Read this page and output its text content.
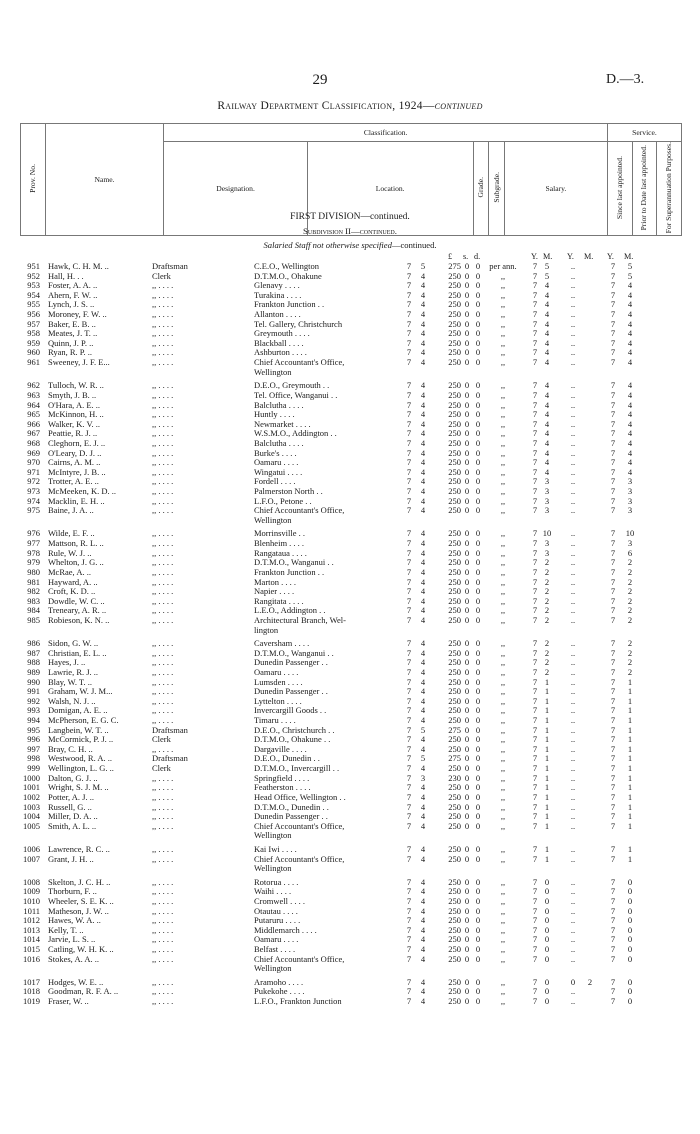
29	D.—3.
Railway Department Classification, 1924—continued
Prov. No.	Name.	Classification.					Service.		
		Designation.	Location.	Grade.	Subgrade.	Salary.	Since last appointed.	Prior to Date last appointed.	For Superannuation Purposes.
FIRST DIVISION—continued.
Subdivision II—continued.
Salaried Staff not otherwise specified—continued.
£ s. d.	Y. M. Y. M. Y. M.
951 Hawk, C. H. M. ..	Draftsman	C.E.O., Wellington	7	5	275 0 0	per ann.	7 5	..	7	5
952 Hall, H. . .	Clerk	D.T.M.O., Ohakune	7	4	250 0 0	,,	7 5	..	7	5
953 Foster, A. A. ..	,, . . . .	Glenavy . . . .	7	4	250 0 0	,,	7 4	..	7	4
954 Ahern, F. W. ..	,, . . . .	Turakina . . . .	7	4	250 0 0	,,	7 4	..	7	4
955 Lynch, J. S. ..	,, . . . .	Frankton Junction . .	7	4	250 0 0	,,	7 4	..	7	4
956 Moroney, F. W. ..	,, . . . .	Allanton . . . .	7	4	250 0 0	,,	7 4	..	7	4
957 Baker, E. B. ..	,, . . . .	Tel. Gallery, Christchurch	7	4	250 0 0	,,	7 4	..	7	4
958 Meates, J. T. ..	,, . . . .	Greymouth . . . .	7	4	250 0 0	,,	7 4	..	7	4
959 Quinn, J. P. ..	,, . . . .	Blackball . . . .	7	4	250 0 0	,,	7 4	..	7	4
960 Ryan, R. P. ..	,, . . . .	Ashburton . . . .	7	4	250 0 0	,,	7 4	..	7	4
961 Sweeney, J. F. E...	,, . . . .	Chief Accountant's Office,	7	4	250 0 0	,,	7 4	..	7	4
Wellington
962 Tulloch, W. R. ..	,, . . . .	D.E.O., Greymouth . .	7	4	250 0 0	,,	7 4	..	7	4
963 Smyth, J. B. ..	,, . . . .	Tel. Office, Wanganui . .	7	4	250 0 0	,,	7 4	..	7	4
964 O'Hara, A. E. ..	,, . . . .	Balclutha . . . .	7	4	250 0 0	,,	7 4	..	7	4
965 McKinnon, H. ..	,, . . . .	Huntly . . . .	7	4	250 0 0	,,	7 4	..	7	4
966 Walker, K. V. ..	,, . . . .	Newmarket . . . .	7	4	250 0 0	,,	7 4	..	7	4
967 Peattie, R. J. ..	,, . . . .	W.S.M.O., Addington . .	7	4	250 0 0	,,	7 4	..	7	4
968 Cleghorn, E. J. ..	,, . . . .	Balclutha . . . .	7	4	250 0 0	,,	7 4	..	7	4
969 O'Leary, D. J. ..	,, . . . .	Burke's . . . .	7	4	250 0 0	,,	7 4	..	7	4
970 Cairns, A. M. ..	,, . . . .	Oamaru . . . .	7	4	250 0 0	,,	7 4	..	7	4
971 McIntyre, J. B. ..	,, . . . .	Wingatui . . . .	7	4	250 0 0	,,	7 4	..	7	4
972 Trotter, A. E. ..	,, . . . .	Fordell . . . .	7	4	250 0 0	,,	7 3	..	7	3
973 McMeeken, K. D. ..	,, . . . .	Palmerston North . .	7	4	250 0 0	,,	7 3	..	7	3
974 Macklin, E. H. ..	,, . . . .	L.F.O., Petone . .	7	4	250 0 0	,,	7 3	..	7	3
975 Baine, J. A. ..	,, . . . .	Chief Accountant's Office,	7	4	250 0 0	,,	7 3	..	7	3
Wellington
976 Wilde, E. F. ..	,, . . . .	Morrinsville . .	7	4	250 0 0	,,	7 10	..	7	10
977 Mattson, R. L. ..	,, . . . .	Blenheim . . . .	7	4	250 0 0	,,	7 3	..	7	3
978 Rule, W. J. ..	,, . . . .	Rangataua . . . .	7	4	250 0 0	,,	7 3	..	7	6
979 Whelton, J. G. ..	,, . . . .	D.T.M.O., Wanganui . .	7	4	250 0 0	,,	7 2	..	7	2
980 McRae, A. ..	,, . . . .	Frankton Junction . .	7	4	250 0 0	,,	7 2	..	7	2
981 Hayward, A. ..	,, . . . .	Marton . . . .	7	4	250 0 0	,,	7 2	..	7	2
982 Croft, K. D. ..	,, . . . .	Napier . . . .	7	4	250 0 0	,,	7 2	..	7	2
983 Dowdle, W. C. ..	,, . . . .	Rangitata . . . .	7	4	250 0 0	,,	7 2	..	7	2
984 Treneary, A. R. ..	,, . . . .	L.E.O., Addington . .	7	4	250 0 0	,,	7 2	..	7	2
985 Robieson, K. N. ..	,, . . . .	Architectural Branch, Wel-	7	4	250 0 0	,,	7 2	..	7	2
lington
986 Sidon, G. W. ..	,, . . . .	Caversham . . . .	7	4	250 0 0	,,	7 2	..	7	2
987 Christian, E. L. ..	,, . . . .	D.T.M.O., Wanganui . .	7	4	250 0 0	,,	7 2	..	7	2
988 Hayes, J. ..	,, . . . .	Dunedin Passenger . .	7	4	250 0 0	,,	7 2	..	7	2
989 Lawrie, R. J. ..	,, . . . .	Oamaru . . . .	7	4	250 0 0	,,	7 2	..	7	2
990 Blay, W. T. ..	,, . . . .	Lumsden . . . .	7	4	250 0 0	,,	7 1	..	7	1
991 Graham, W. J. M...	,, . . . .	Dunedin Passenger . .	7	4	250 0 0	,,	7 1	..	7	1
992 Walsh, N. J. ..	,, . . . .	Lyttelton . . . .	7	4	250 0 0	,,	7 1	..	7	1
993 Domigan, A. E. ..	,, . . . .	Invercargill Goods . .	7	4	250 0 0	,,	7 1	..	7	1
994 McPherson, E. G. C.	,, . . . .	Timaru . . . .	7	4	250 0 0	,,	7 1	..	7	1
995 Langbein, W. T. ..	Draftsman	D.E.O., Christchurch . .	7	5	275 0 0	,,	7 1	..	7	1
996 McCormick, P. J. ..	Clerk	D.T.M.O., Ohakune . .	7	4	250 0 0	,,	7 1	..	7	1
997 Bray, C. H. ..	,, . . . .	Dargaville . . . .	7	4	250 0 0	,,	7 1	..	7	1
998 Westwood, R. A. ..	Draftsman	D.E.O., Dunedin . .	7	5	275 0 0	,,	7 1	..	7	1
999 Wellington, L. G. ..	Clerk	D.T.M.O., Invercargill . .	7	4	250 0 0	,,	7 1	..	7	1
1000 Dalton, G. J. ..	,, . . . .	Springfield . . . .	7	3	230 0 0	,,	7 1	..	7	1
1001 Wright, S. J. M. ..	,, . . . .	Featherston . . . .	7	4	250 0 0	,,	7 1	..	7	1
1002 Potter, A. J. ..	,, . . . .	Head Office, Wellington . .	7	4	250 0 0	,,	7 1	..	7	1
1003 Russell, G. ..	,, . . . .	D.T.M.O., Dunedin . .	7	4	250 0 0	,,	7 1	..	7	1
1004 Miller, D. A. ..	,, . . . .	Dunedin Passenger . .	7	4	250 0 0	,,	7 1	..	7	1
1005 Smith, A. L. ..	,, . . . .	Chief Accountant's Office,	7	4	250 0 0	,,	7 1	..	7	1
Wellington
1006 Lawrence, R. C. ..	,, . . . .	Kai Iwi . . . .	7	4	250 0 0	,,	7 1	..	7	1
1007 Grant, J. H. ..	,, . . . .	Chief Accountant's Office,	7	4	250 0 0	,,	7 1	..	7	1
Wellington
1008 Skelton, J. C. H. ..	,, . . . .	Rotorua . . . .	7	4	250 0 0	,,	7 0	..	7	0
1009 Thorburn, F. ..	,, . . . .	Waihi . . . .	7	4	250 0 0	,,	7 0	..	7	0
1010 Wheeler, S. E. K. ..	,, . . . .	Cromwell . . . .	7	4	250 0 0	,,	7 0	..	7	0
1011 Matheson, J. W. ..	,, . . . .	Otautau . . . .	7	4	250 0 0	,,	7 0	..	7	0
1012 Hawes, W. A. ..	,, . . . .	Putaruru . . . .	7	4	250 0 0	,,	7 0	..	7	0
1013 Kelly, T. ..	,, . . . .	Middlemarch . . . .	7	4	250 0 0	,,	7 0	..	7	0
1014 Jarvie, L. S. ..	,, . . . .	Oamaru . . . .	7	4	250 0 0	,,	7 0	..	7	0
1015 Catling, W. H. K. ..	,, . . . .	Belfast . . . .	7	4	250 0 0	,,	7 0	..	7	0
1016 Stokes, A. A. ..	,, . . . .	Chief Accountant's Office,	7	4	250 0 0	,,	7 0	..	7	0
Wellington
1017 Hodges, W. E. ..	,, . . . .	Aramoho . . . .	7	4	250 0 0	,,	7 0	0	2	7	0
1018 Goodman, R. F. A. ..	,, . . . .	Pukekohe . . . .	7	4	250 0 0	,,	7 0	..	7	0
1019 Fraser, W. ..	,, . . . .	L.F.O., Frankton Junction	7	4	250 0 0	,,	7 0	..	7	0
